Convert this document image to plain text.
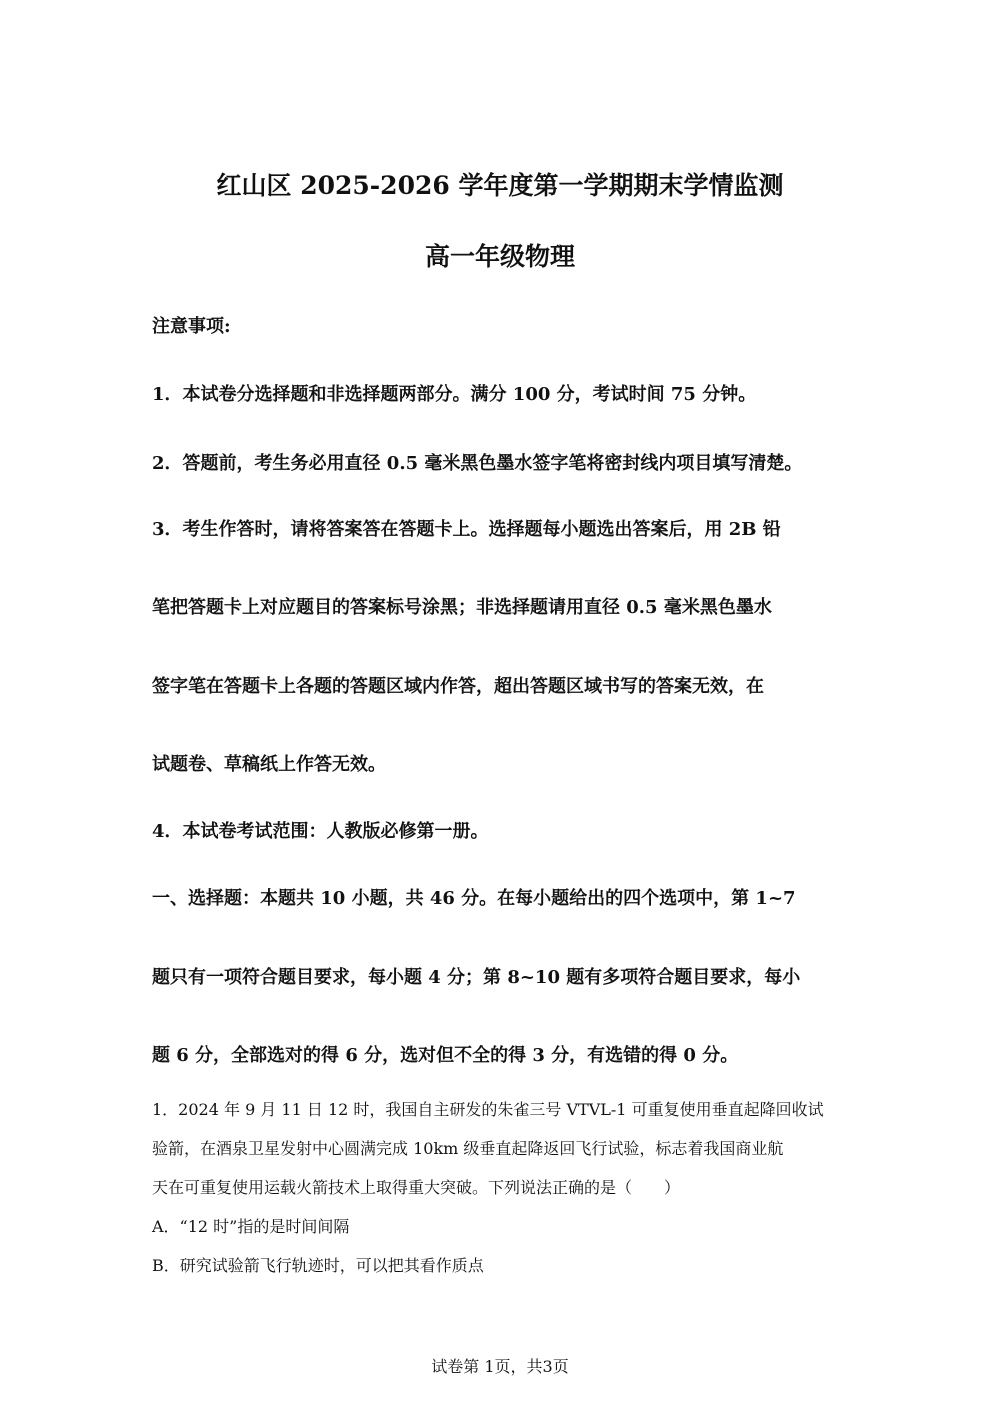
红山区 2025-2026 学年度第一学期期末学情监测
高一年级物理
注意事项:
1．本试卷分选择题和非选择题两部分。满分 100 分，考试时间 75 分钟。
2．答题前，考生务必用直径 0.5 毫米黑色墨水签字笔将密封线内项目填写清楚。
3．考生作答时，请将答案答在答题卡上。选择题每小题选出答案后，用 2B 铅
笔把答题卡上对应题目的答案标号涂黑；非选择题请用直径 0.5 毫米黑色墨水
签字笔在答题卡上各题的答题区域内作答，超出答题区域书写的答案无效，在
试题卷、草稿纸上作答无效。
4．本试卷考试范围：人教版必修第一册。
一、选择题：本题共 10 小题，共 46 分。在每小题给出的四个选项中，第 1~7
题只有一项符合题目要求，每小题 4 分；第 8~10 题有多项符合题目要求，每小
题 6 分，全部选对的得 6 分，选对但不全的得 3 分，有选错的得 0 分。
1．2024 年 9 月 11 日 12 时，我国自主研发的朱雀三号 VTVL-1 可重复使用垂直起降回收试
验箭，在酒泉卫星发射中心圆满完成 10km 级垂直起降返回飞行试验，标志着我国商业航
天在可重复使用运载火箭技术上取得重大突破。下列说法正确的是（　　）
A．“12 时”指的是时间间隔
B．研究试验箭飞行轨迹时，可以把其看作质点
试卷第 1页，共3页
